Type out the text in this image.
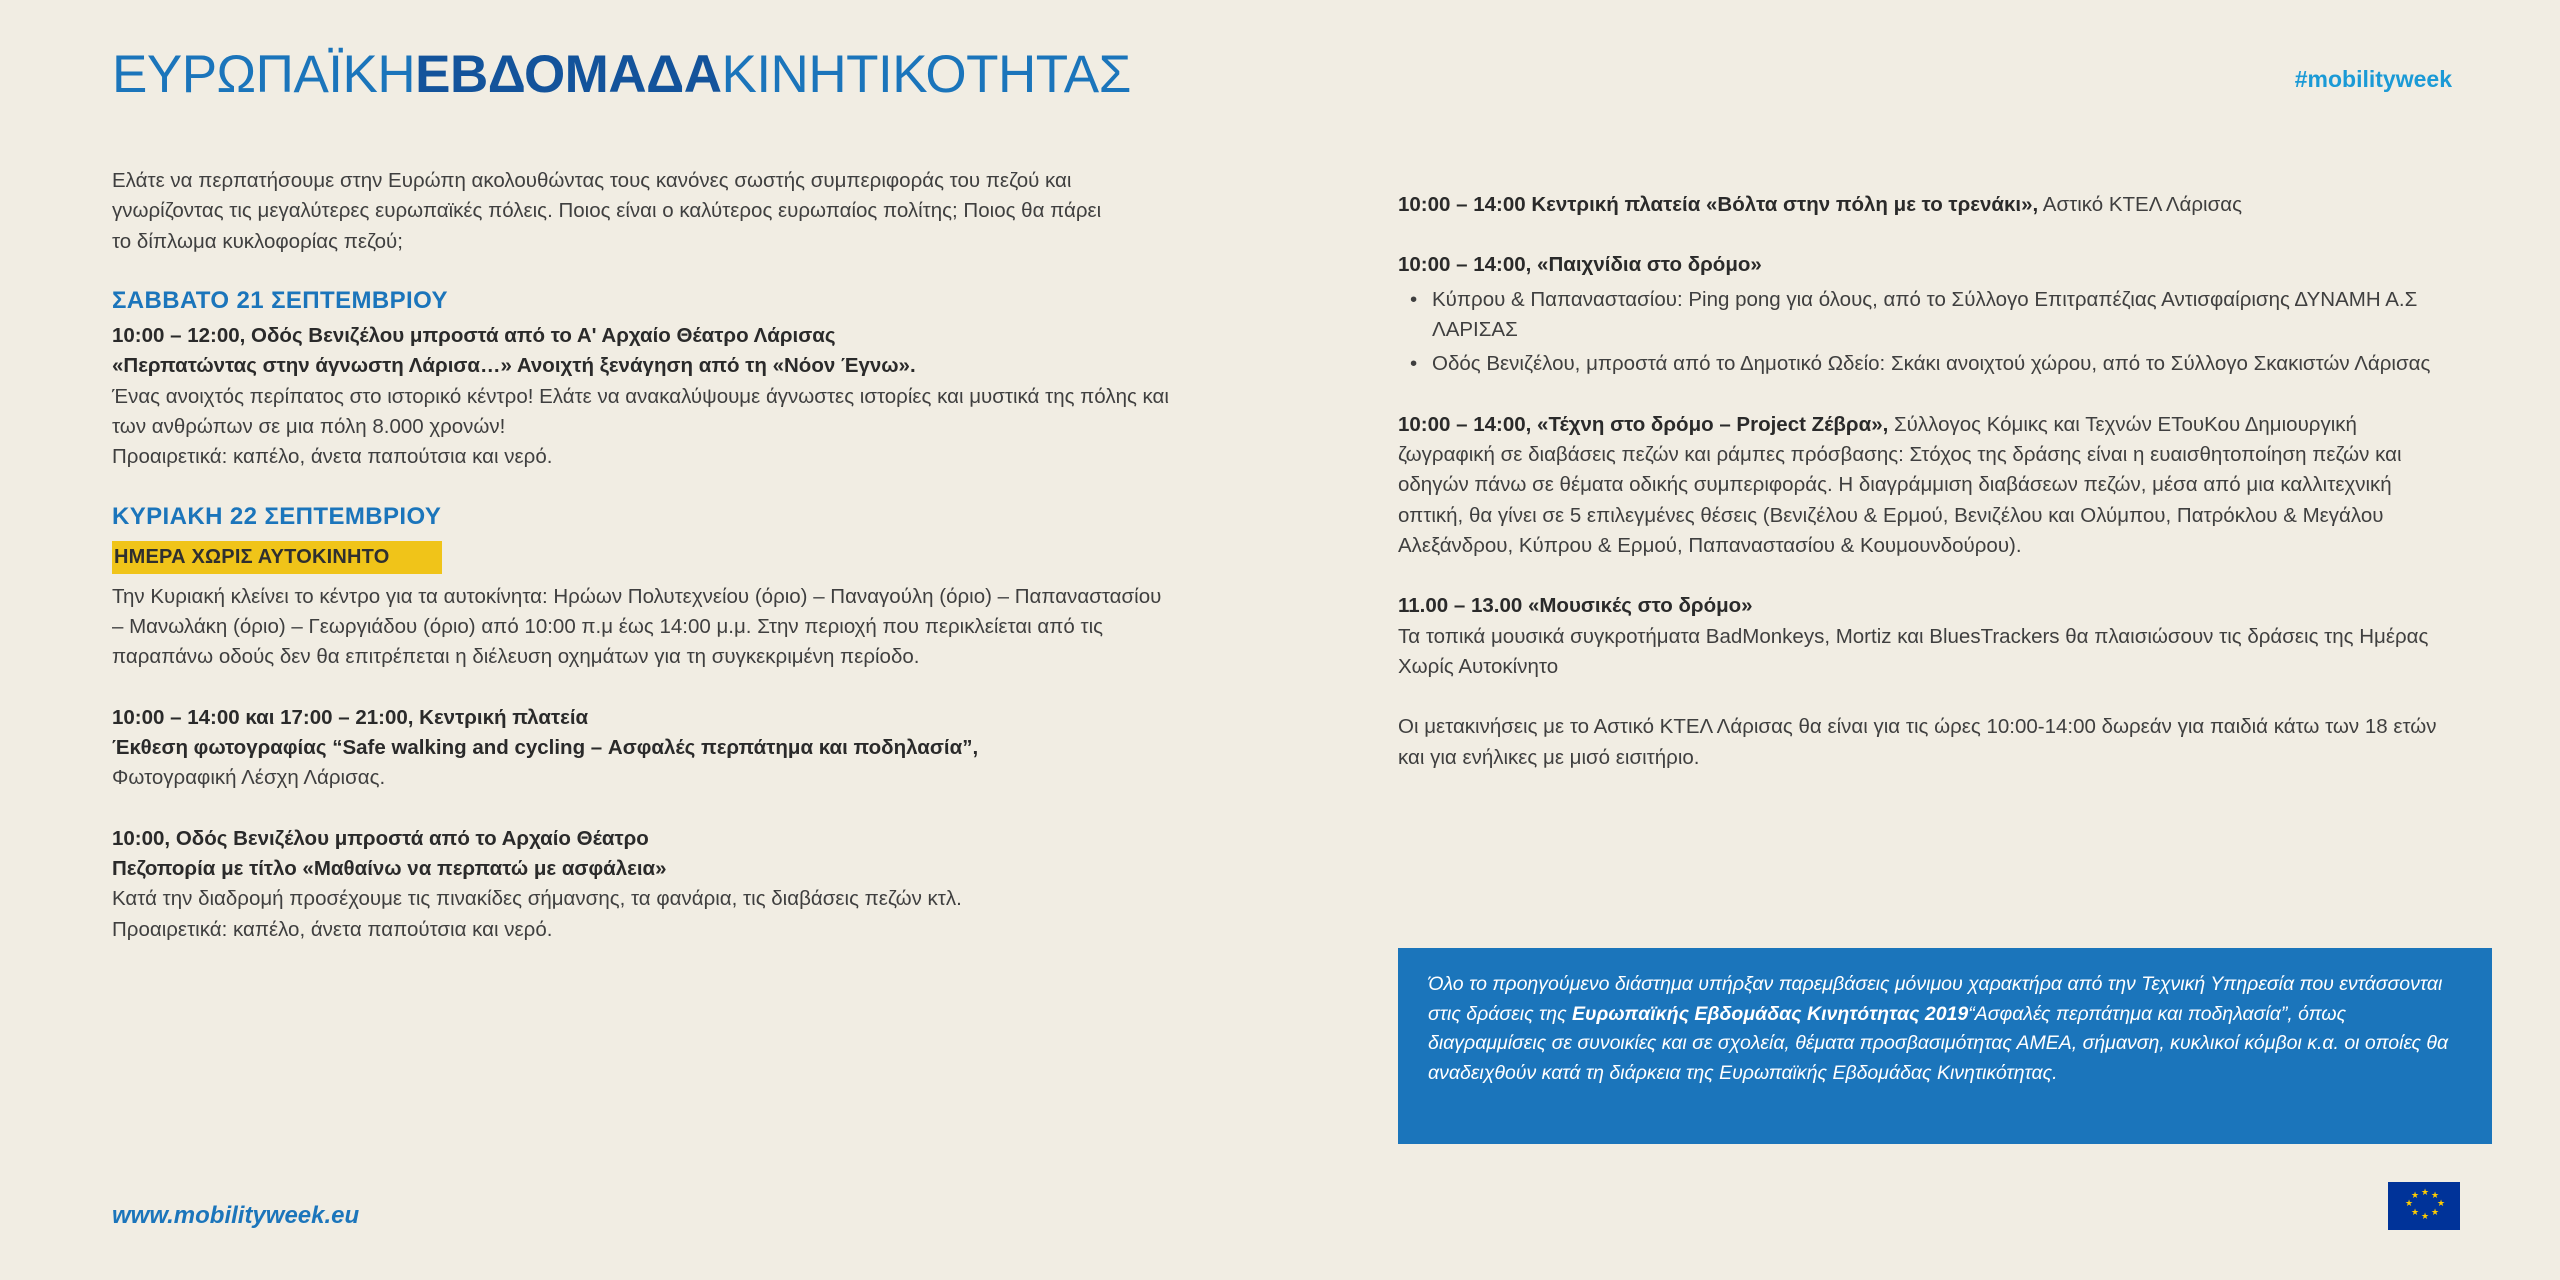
ΕΥΡΩΠΑΪΚΗΕΒΔΟΜΑΔΑΚΙΝΗΤΙΚΟΤΗΤΑΣ	#mobilityweek

Ελάτε να περπατήσουμε στην Ευρώπη ακολουθώντας τους κανόνες σωστής συμπεριφοράς του πεζού και γνωρίζοντας τις μεγαλύτερες ευρωπαϊκές πόλεις. Ποιος είναι ο καλύτερος ευρωπαίος πολίτης; Ποιος θα πάρει το δίπλωμα κυκλοφορίας πεζού;

ΣΑΒΒΑΤΟ 21 ΣΕΠΤΕΜΒΡΙΟΥ

10:00 – 12:00, Οδός Βενιζέλου μπροστά από το Α' Αρχαίο Θέατρο Λάρισας

«Περπατώντας στην άγνωστη Λάρισα…» Ανοιχτή ξενάγηση από τη «Νόον Έγνω».

Ένας ανοιχτός περίπατος στο ιστορικό κέντρο! Ελάτε να ανακαλύψουμε άγνωστες ιστορίες και μυστικά της πόλης και των ανθρώπων σε μια πόλη 8.000 χρονών!

Προαιρετικά: καπέλο, άνετα παπούτσια και νερό.

ΚΥΡΙΑΚΗ 22 ΣΕΠΤΕΜΒΡΙΟΥ
ΗΜΕΡΑ ΧΩΡΙΣ ΑΥΤΟΚΙΝΗΤΟ

Την Κυριακή κλείνει το κέντρο για τα αυτοκίνητα: Ηρώων Πολυτεχνείου (όριο) – Παναγούλη (όριο) – Παπαναστασίου – Μανωλάκη (όριο) – Γεωργιάδου (όριο) από 10:00 π.μ έως 14:00 μ.μ. Στην περιοχή που περικλείεται από τις παραπάνω οδούς δεν θα επιτρέπεται η διέλευση οχημάτων για τη συγκεκριμένη περίοδο.

10:00 – 14:00 και 17:00 – 21:00, Κεντρική πλατεία

Έκθεση φωτογραφίας “Safe walking and cycling – Ασφαλές περπάτημα και ποδηλασία”,

Φωτογραφική Λέσχη Λάρισας.

10:00, Οδός Βενιζέλου μπροστά από το Αρχαίο Θέατρο

Πεζοπορία με τίτλο «Μαθαίνω να περπατώ με ασφάλεια»

Κατά την διαδρομή προσέχουμε τις πινακίδες σήμανσης, τα φανάρια, τις διαβάσεις πεζών κτλ.

Προαιρετικά: καπέλο, άνετα παπούτσια και νερό.

10:00 – 14:00 Κεντρική πλατεία «Βόλτα στην πόλη με το τρενάκι», Αστικό ΚΤΕΛ Λάρισας

10:00 – 14:00, «Παιχνίδια στο δρόμο»

• Κύπρου & Παπαναστασίου: Ping pong για όλους, από το Σύλλογο Επιτραπέζιας Αντισφαίρισης ΔΥΝΑΜΗ Α.Σ ΛΑΡΙΣΑΣ
• Οδός Βενιζέλου, μπροστά από το Δημοτικό Ωδείο: Σκάκι ανοιχτού χώρου, από το Σύλλογο Σκακιστών Λάρισας

10:00 – 14:00, «Τέχνη στο δρόμο – Project Ζέβρα», Σύλλογος Κόμικς και Τεχνών ΕΤουΚου Δημιουργική ζωγραφική σε διαβάσεις πεζών και ράμπες πρόσβασης: Στόχος της δράσης είναι η ευαισθητοποίηση πεζών και οδηγών πάνω σε θέματα οδικής συμπεριφοράς. Η διαγράμμιση διαβάσεων πεζών, μέσα από μια καλλιτεχνική οπτική, θα γίνει σε 5 επιλεγμένες θέσεις (Βενιζέλου & Ερμού, Βενιζέλου και Ολύμπου, Πατρόκλου & Μεγάλου Αλεξάνδρου, Κύπρου & Ερμού, Παπαναστασίου & Κουμουνδούρου).

11.00 – 13.00 «Μουσικές στο δρόμο»

Τα τοπικά μουσικά συγκροτήματα BadMonkeys, Mortiz και BluesTrackers θα πλαισιώσουν τις δράσεις της Ημέρας Χωρίς Αυτοκίνητο

Οι μετακινήσεις με το Αστικό ΚΤΕΛ Λάρισας θα είναι για τις ώρες 10:00-14:00 δωρεάν για παιδιά κάτω των 18 ετών και για ενήλικες με μισό εισιτήριο.

Όλο το προηγούμενο διάστημα υπήρξαν παρεμβάσεις μόνιμου χαρακτήρα από την Τεχνική Υπηρεσία που εντάσσονται στις δράσεις της Ευρωπαϊκής Εβδομάδας Κινητότητας 2019“Ασφαλές περπάτημα και ποδηλασία”, όπως διαγραμμίσεις σε συνοικίες και σε σχολεία, θέματα προσβασιμότητας ΑΜΕΑ, σήμανση, κυκλικοί κόμβοι κ.α. οι οποίες θα αναδειχθούν κατά τη διάρκεια της Ευρωπαϊκής Εβδομάδας Κινητικότητας.

www.mobilityweek.eu
★ ★
★
★
★
★
★
★
